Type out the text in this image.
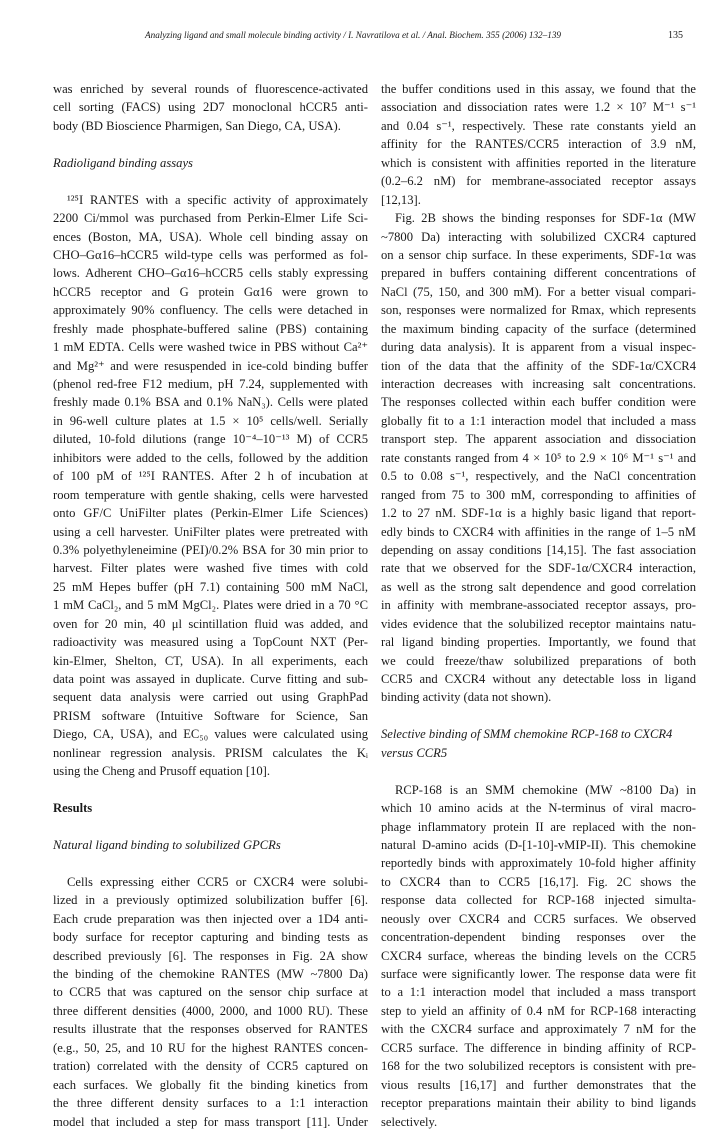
Analyzing ligand and small molecule binding activity / I. Navratilova et al. / Anal. Biochem. 355 (2006) 132–139	135
was enriched by several rounds of fluorescence-activated
cell sorting (FACS) using 2D7 monoclonal hCCR5 anti-
body (BD Bioscience Pharmigen, San Diego, CA, USA).
Radioligand binding assays
¹²⁵I RANTES with a specific activity of approximately
2200 Ci/mmol was purchased from Perkin-Elmer Life Sci-
ences (Boston, MA, USA). Whole cell binding assay on
CHO–Gα16–hCCR5 wild-type cells was performed as fol-
lows. Adherent CHO–Gα16–hCCR5 cells stably expressing
hCCR5 receptor and G protein Gα16 were grown to
approximately 90% confluency. The cells were detached in
freshly made phosphate-buffered saline (PBS) containing
1 mM EDTA. Cells were washed twice in PBS without Ca²⁺
and Mg²⁺ and were resuspended in ice-cold binding buffer
(phenol red-free F12 medium, pH 7.24, supplemented with
freshly made 0.1% BSA and 0.1% NaN₃). Cells were plated
in 96-well culture plates at 1.5 × 10⁵ cells/well. Serially
diluted, 10-fold dilutions (range 10⁻⁴–10⁻¹³ M) of CCR5
inhibitors were added to the cells, followed by the addition
of 100 pM of ¹²⁵I RANTES. After 2 h of incubation at
room temperature with gentle shaking, cells were harvested
onto GF/C UniFilter plates (Perkin-Elmer Life Sciences)
using a cell harvester. UniFilter plates were pretreated with
0.3% polyethyleneimine (PEI)/0.2% BSA for 30 min prior to
harvest. Filter plates were washed five times with cold
25 mM Hepes buffer (pH 7.1) containing 500 mM NaCl,
1 mM CaCl₂, and 5 mM MgCl₂. Plates were dried in a 70 °C
oven for 20 min, 40 μl scintillation fluid was added, and
radioactivity was measured using a TopCount NXT (Per-
kin-Elmer, Shelton, CT, USA). In all experiments, each
data point was assayed in duplicate. Curve fitting and sub-
sequent data analysis were carried out using GraphPad
PRISM software (Intuitive Software for Science, San
Diego, CA, USA), and EC₅₀ values were calculated using
nonlinear regression analysis. PRISM calculates the Kᵢ
using the Cheng and Prusoff equation [10].
Results
Natural ligand binding to solubilized GPCRs
Cells expressing either CCR5 or CXCR4 were solubi-
lized in a previously optimized solubilization buffer [6].
Each crude preparation was then injected over a 1D4 anti-
body surface for receptor capturing and binding tests as
described previously [6]. The responses in Fig. 2A show
the binding of the chemokine RANTES (MW ~7800 Da)
to CCR5 that was captured on the sensor chip surface at
three different densities (4000, 2000, and 1000 RU). These
results illustrate that the responses observed for RANTES
(e.g., 50, 25, and 10 RU for the highest RANTES concen-
tration) correlated with the density of CCR5 captured on
each surfaces. We globally fit the binding kinetics from
the three different density surfaces to a 1:1 interaction
model that included a step for mass transport [11]. Under
the buffer conditions used in this assay, we found that the
association and dissociation rates were 1.2 × 10⁷ M⁻¹ s⁻¹
and 0.04 s⁻¹, respectively. These rate constants yield an
affinity for the RANTES/CCR5 interaction of 3.9 nM,
which is consistent with affinities reported in the literature
(0.2–6.2 nM) for membrane-associated receptor assays
[12,13].
Fig. 2B shows the binding responses for SDF-1α (MW
~7800 Da) interacting with solubilized CXCR4 captured
on a sensor chip surface. In these experiments, SDF-1α was
prepared in buffers containing different concentrations of
NaCl (75, 150, and 300 mM). For a better visual compari-
son, responses were normalized for Rmax, which represents
the maximum binding capacity of the surface (determined
during data analysis). It is apparent from a visual inspec-
tion of the data that the affinity of the SDF-1α/CXCR4
interaction decreases with increasing salt concentrations.
The responses collected within each buffer condition were
globally fit to a 1:1 interaction model that included a mass
transport step. The apparent association and dissociation
rate constants ranged from 4 × 10⁵ to 2.9 × 10⁶ M⁻¹ s⁻¹ and
0.5 to 0.08 s⁻¹, respectively, and the NaCl concentration
ranged from 75 to 300 mM, corresponding to affinities of
1.2 to 27 nM. SDF-1α is a highly basic ligand that report-
edly binds to CXCR4 with affinities in the range of 1–5 nM
depending on assay conditions [14,15]. The fast association
rate that we observed for the SDF-1α/CXCR4 interaction,
as well as the strong salt dependence and good correlation
in affinity with membrane-associated receptor assays, pro-
vides evidence that the solubilized receptor maintains natu-
ral ligand binding properties. Importantly, we found that
we could freeze/thaw solubilized preparations of both
CCR5 and CXCR4 without any detectable loss in ligand
binding activity (data not shown).
Selective binding of SMM chemokine RCP-168 to CXCR4
versus CCR5
RCP-168 is an SMM chemokine (MW ~8100 Da) in
which 10 amino acids at the N-terminus of viral macro-
phage inflammatory protein II are replaced with the non-
natural D-amino acids (D-[1-10]-vMIP-II). This chemokine
reportedly binds with approximately 10-fold higher affinity
to CXCR4 than to CCR5 [16,17]. Fig. 2C shows the
response data collected for RCP-168 injected simulta-
neously over CXCR4 and CCR5 surfaces. We observed
concentration-dependent binding responses over the
CXCR4 surface, whereas the binding levels on the CCR5
surface were significantly lower. The response data were fit
to a 1:1 interaction model that included a mass transport
step to yield an affinity of 0.4 nM for RCP-168 interacting
with the CXCR4 surface and approximately 7 nM for the
CCR5 surface. The difference in binding affinity of RCP-
168 for the two solubilized receptors is consistent with pre-
vious results [16,17] and further demonstrates that the
receptor preparations maintain their ability to bind ligands
selectively.
